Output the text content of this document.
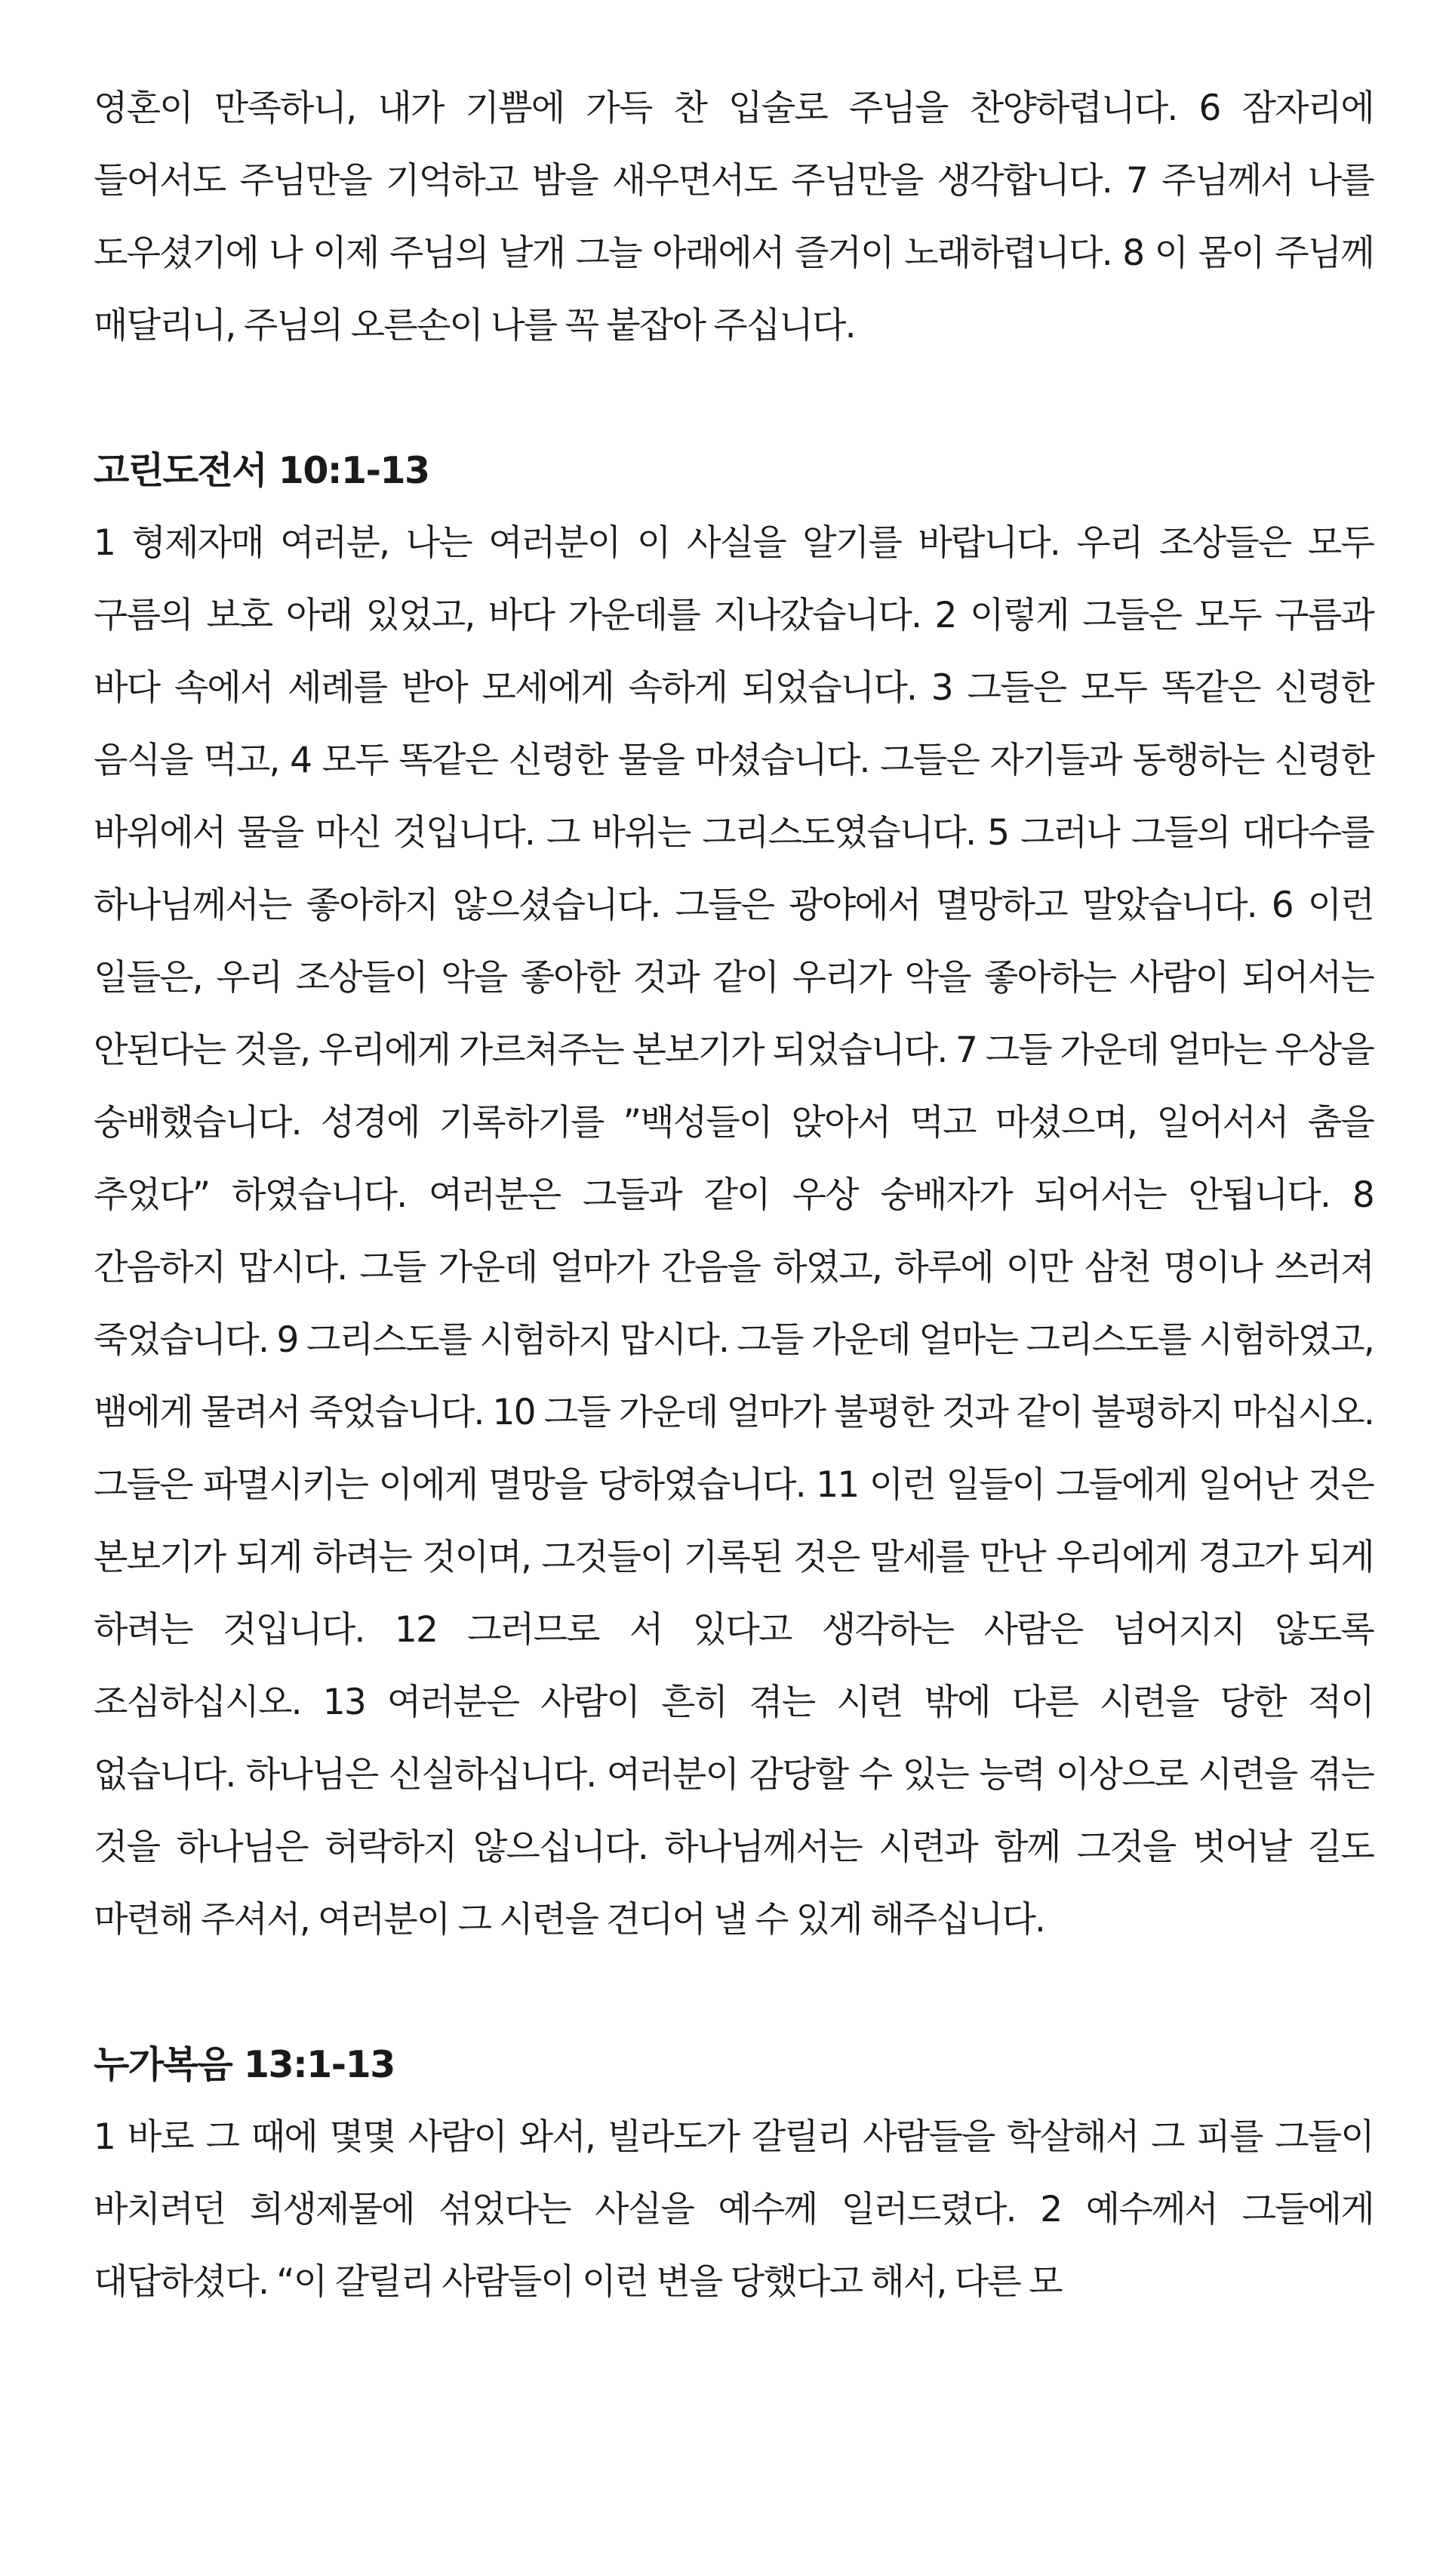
영혼이 만족하니, 내가 기쁨에 가득 찬 입술로 주님을 찬양하렵니다. 6 잠자리에 들어서도 주님만을 기억하고 밤을 새우면서도 주님만을 생각합니다. 7 주님께서 나를 도우셨기에 나 이제 주님의 날개 그늘 아래에서 즐거이 노래하렵니다. 8 이 몸이 주님께 매달리니, 주님의 오른손이 나를 꼭 붙잡아 주십니다.

고린도전서 10:1-13

1 형제자매 여러분, 나는 여러분이 이 사실을 알기를 바랍니다. 우리 조상들은 모두 구름의 보호 아래 있었고, 바다 가운데를 지나갔습니다. 2 이렇게 그들은 모두 구름과 바다 속에서 세례를 받아 모세에게 속하게 되었습니다. 3 그들은 모두 똑같은 신령한 음식을 먹고, 4 모두 똑같은 신령한 물을 마셨습니다. 그들은 자기들과 동행하는 신령한 바위에서 물을 마신 것입니다. 그 바위는 그리스도였습니다. 5 그러나 그들의 대다수를 하나님께서는 좋아하지 않으셨습니다. 그들은 광야에서 멸망하고 말았습니다. 6 이런 일들은, 우리 조상들이 악을 좋아한 것과 같이 우리가 악을 좋아하는 사람이 되어서는 안된다는 것을, 우리에게 가르쳐주는 본보기가 되었습니다. 7 그들 가운데 얼마는 우상을 숭배했습니다. 성경에 기록하기를 ”백성들이 앉아서 먹고 마셨으며, 일어서서 춤을 추었다” 하였습니다. 여러분은 그들과 같이 우상 숭배자가 되어서는 안됩니다. 8 간음하지 맙시다. 그들 가운데 얼마가 간음을 하였고, 하루에 이만 삼천 명이나 쓰러져 죽었습니다. 9 그리스도를 시험하지 맙시다. 그들 가운데 얼마는 그리스도를 시험하였고, 뱀에게 물려서 죽었습니다. 10 그들 가운데 얼마가 불평한 것과 같이 불평하지 마십시오. 그들은 파멸시키는 이에게 멸망을 당하였습니다. 11 이런 일들이 그들에게 일어난 것은 본보기가 되게 하려는 것이며, 그것들이 기록된 것은 말세를 만난 우리에게 경고가 되게 하려는 것입니다. 12 그러므로 서 있다고 생각하는 사람은 넘어지지 않도록 조심하십시오. 13 여러분은 사람이 흔히 겪는 시련 밖에 다른 시련을 당한 적이 없습니다. 하나님은 신실하십니다. 여러분이 감당할 수 있는 능력 이상으로 시련을 겪는 것을 하나님은 허락하지 않으십니다. 하나님께서는 시련과 함께 그것을 벗어날 길도 마련해 주셔서, 여러분이 그 시련을 견디어 낼 수 있게 해주십니다.

누가복음 13:1-13

1 바로 그 때에 몇몇 사람이 와서, 빌라도가 갈릴리 사람들을 학살해서 그 피를 그들이 바치려던 희생제물에 섞었다는 사실을 예수께 일러드렸다. 2 예수께서 그들에게 대답하셨다. “이 갈릴리 사람들이 이런 변을 당했다고 해서, 다른 모
